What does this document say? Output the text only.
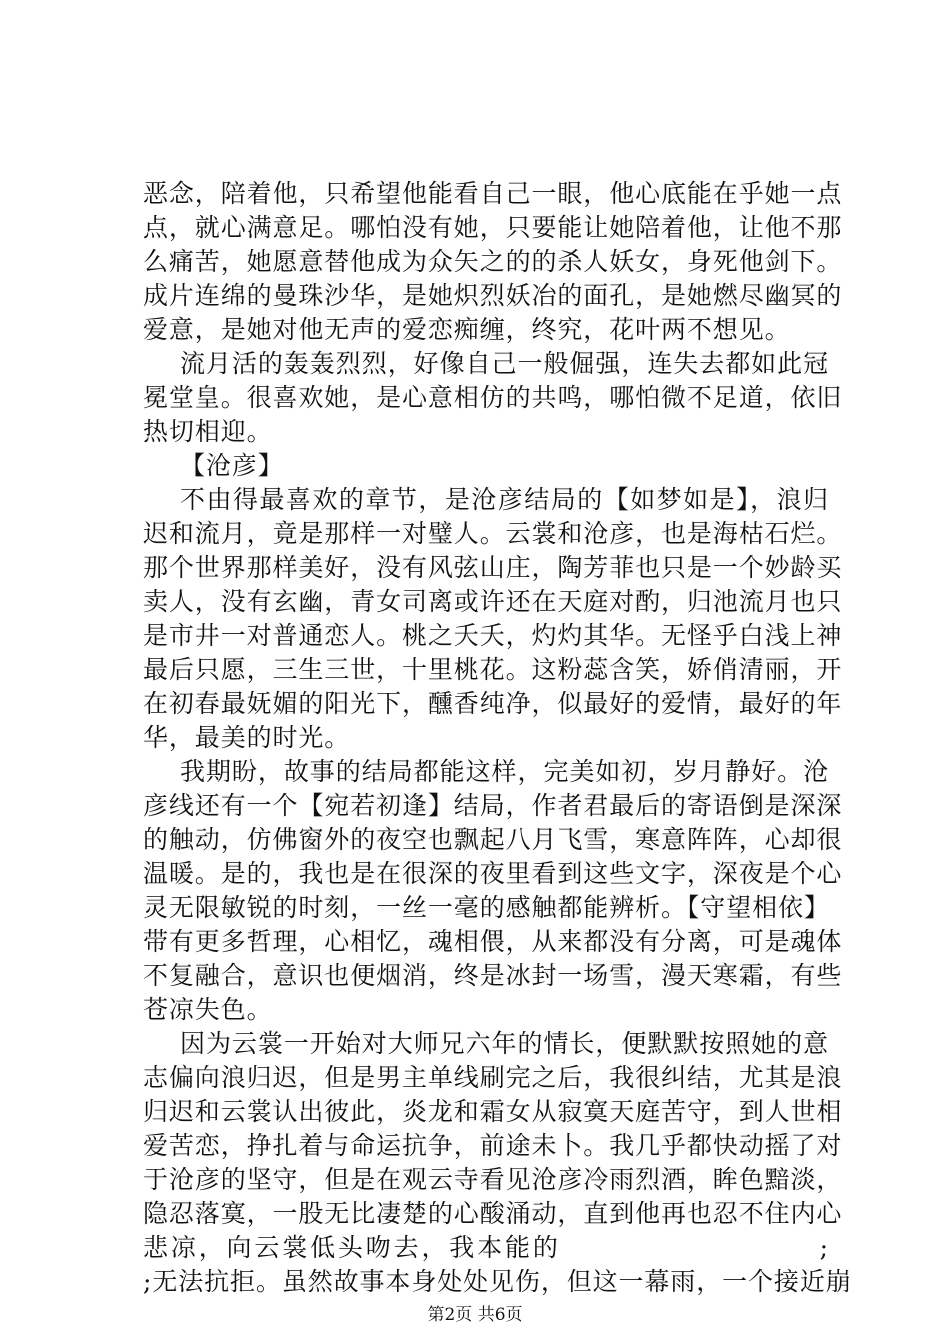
恶念，陪着他，只希望他能看自己一眼，他心底能在乎她一点
点，就心满意足。哪怕没有她，只要能让她陪着他，让他不那
么痛苦，她愿意替他成为众矢之的的杀人妖女，身死他剑下。
成片连绵的曼珠沙华，是她炽烈妖冶的面孔，是她燃尽幽冥的
爱意，是她对他无声的爱恋痴缠，终究，花叶两不想见。
流月活的轰轰烈烈，好像自己一般倔强，连失去都如此冠
冕堂皇。很喜欢她，是心意相仿的共鸣，哪怕微不足道，依旧
热切相迎。
【沧彦】
不由得最喜欢的章节，是沧彦结局的【如梦如是】，浪归
迟和流月，竟是那样一对璧人。云裳和沧彦，也是海枯石烂。
那个世界那样美好，没有风弦山庄，陶芳菲也只是一个妙龄买
卖人，没有玄幽，青女司离或许还在天庭对酌，归池流月也只
是市井一对普通恋人。桃之夭夭，灼灼其华。无怪乎白浅上神
最后只愿，三生三世，十里桃花。这粉蕊含笑，娇俏清丽，开
在初春最妩媚的阳光下，醺香纯净，似最好的爱情，最好的年
华，最美的时光。
我期盼，故事的结局都能这样，完美如初，岁月静好。沧
彦线还有一个【宛若初逢】结局，作者君最后的寄语倒是深深
的触动，仿佛窗外的夜空也飘起八月飞雪，寒意阵阵，心却很
温暖。是的，我也是在很深的夜里看到这些文字，深夜是个心
灵无限敏锐的时刻，一丝一毫的感触都能辨析。【守望相依】
带有更多哲理，心相忆，魂相偎，从来都没有分离，可是魂体
不复融合，意识也便烟消，终是冰封一场雪，漫天寒霜，有些
苍凉失色。
因为云裳一开始对大师兄六年的情长，便默默按照她的意
志偏向浪归迟，但是男主单线刷完之后，我很纠结，尤其是浪
归迟和云裳认出彼此，炎龙和霜女从寂寞天庭苦守，到人世相
爱苦恋，挣扎着与命运抗争，前途未卜。我几乎都快动摇了对
于沧彦的坚守，但是在观云寺看见沧彦冷雨烈酒，眸色黯淡，
隐忍落寞，一股无比凄楚的心酸涌动，直到他再也忍不住内心
悲凉，向云裳低头吻去，我本能的                        ;
;无法抗拒。虽然故事本身处处见伤，但这一幕雨，一个接近崩
第2页 共6页
